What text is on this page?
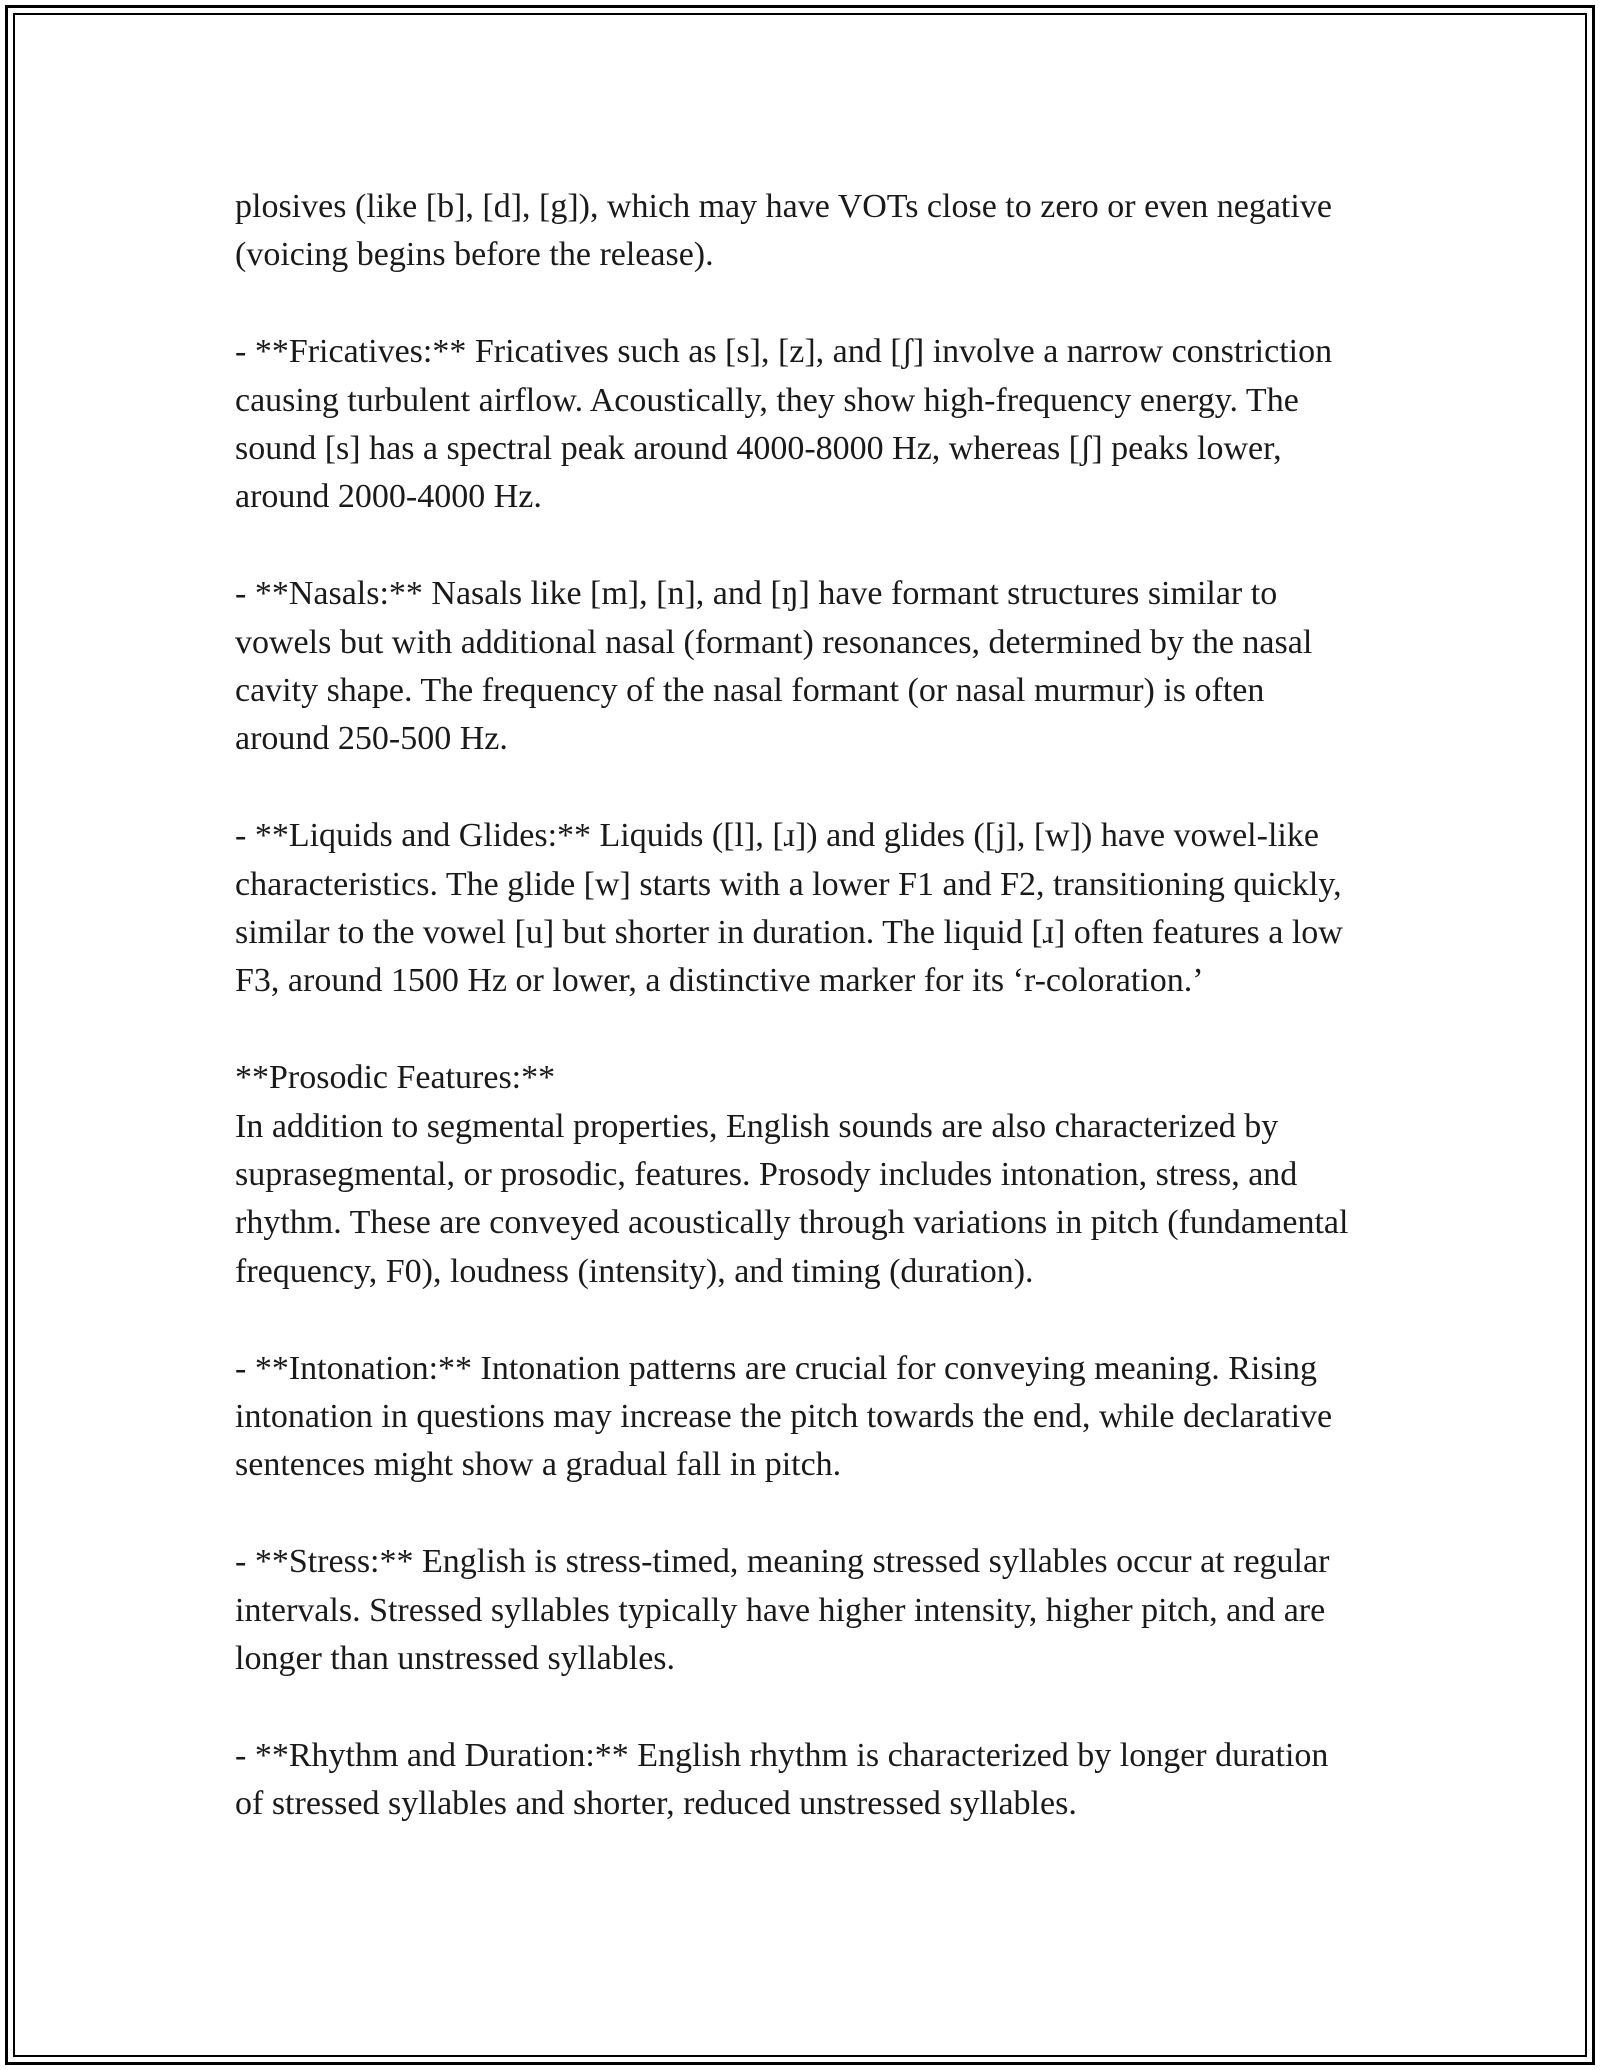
plosives (like [b], [d], [g]), which may have VOTs close to zero or even negative (voicing begins before the release).

- **Fricatives:** Fricatives such as [s], [z], and [ʃ] involve a narrow constriction causing turbulent airflow. Acoustically, they show high-frequency energy. The sound [s] has a spectral peak around 4000-8000 Hz, whereas [ʃ] peaks lower, around 2000-4000 Hz.

- **Nasals:** Nasals like [m], [n], and [ŋ] have formant structures similar to vowels but with additional nasal (formant) resonances, determined by the nasal cavity shape. The frequency of the nasal formant (or nasal murmur) is often around 250-500 Hz.

- **Liquids and Glides:** Liquids ([l], [ɹ]) and glides ([j], [w]) have vowel-like characteristics. The glide [w] starts with a lower F1 and F2, transitioning quickly, similar to the vowel [u] but shorter in duration. The liquid [ɹ] often features a low F3, around 1500 Hz or lower, a distinctive marker for its ‘r-coloration.’

**Prosodic Features:**

In addition to segmental properties, English sounds are also characterized by suprasegmental, or prosodic, features. Prosody includes intonation, stress, and rhythm. These are conveyed acoustically through variations in pitch (fundamental frequency, F0), loudness (intensity), and timing (duration).

- **Intonation:** Intonation patterns are crucial for conveying meaning. Rising intonation in questions may increase the pitch towards the end, while declarative sentences might show a gradual fall in pitch.

- **Stress:** English is stress-timed, meaning stressed syllables occur at regular intervals. Stressed syllables typically have higher intensity, higher pitch, and are longer than unstressed syllables.

- **Rhythm and Duration:** English rhythm is characterized by longer duration of stressed syllables and shorter, reduced unstressed syllables.
